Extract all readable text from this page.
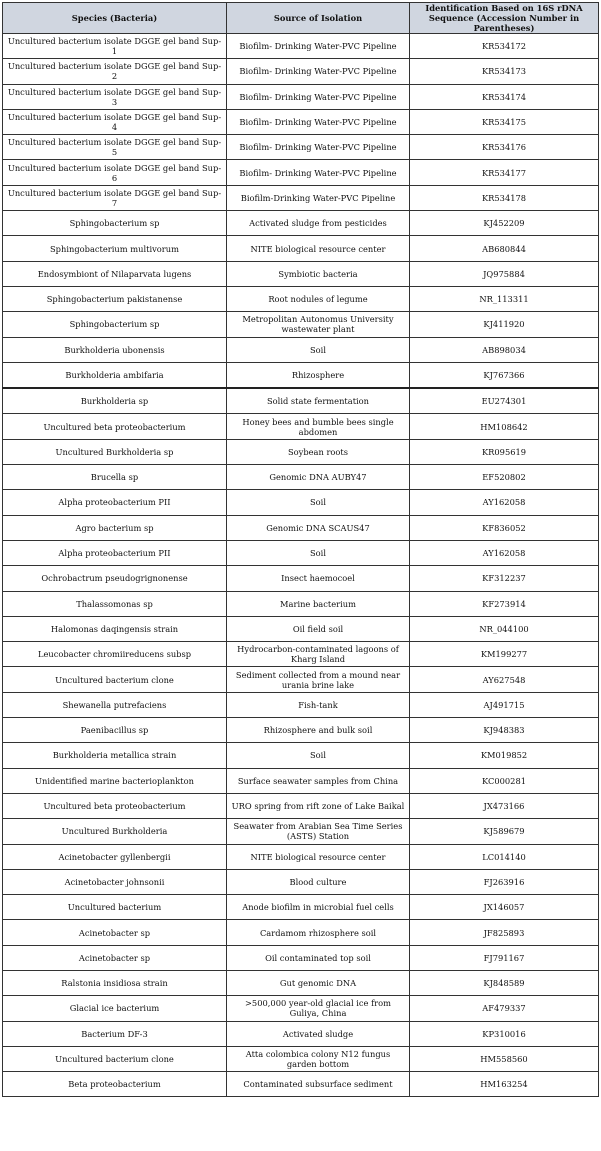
Species (Bacteria)	Source of Isolation	Identification Based on 16S rDNA Sequence (Accession Number in Parentheses)
Uncultured bacterium isolate DGGE gel band Sup-1	Biofilm- Drinking Water-PVC Pipeline	KR534172
Uncultured bacterium isolate DGGE gel band Sup-2	Biofilm- Drinking Water-PVC Pipeline	KR534173
Uncultured bacterium isolate DGGE gel band Sup-3	Biofilm- Drinking Water-PVC Pipeline	KR534174
Uncultured bacterium isolate DGGE gel band Sup-4	Biofilm- Drinking Water-PVC Pipeline	KR534175
Uncultured bacterium isolate DGGE gel band Sup-5	Biofilm- Drinking Water-PVC Pipeline	KR534176
Uncultured bacterium isolate DGGE gel band Sup-6	Biofilm- Drinking Water-PVC Pipeline	KR534177
Uncultured bacterium isolate DGGE gel band Sup-7	Biofilm-Drinking Water-PVC Pipeline	KR534178
Sphingobacterium sp	Activated sludge from pesticides	KJ452209
Sphingobacterium multivorum	NITE biological resource center	AB680844
Endosymbiont of Nilaparvata lugens	Symbiotic bacteria	JQ975884
Sphingobacterium pakistanense	Root nodules of legume	NR_113311
Sphingobacterium sp	Metropolitan Autonomus University wastewater plant	KJ411920
Burkholderia ubonensis	Soil	AB898034
Burkholderia ambifaria	Rhizosphere	KJ767366
Burkholderia sp	Solid state fermentation	EU274301
Uncultured beta proteobacterium	Honey bees and bumble bees single abdomen	HM108642
Uncultured Burkholderia sp	Soybean roots	KR095619
Brucella sp	Genomic DNA AUBY47	EF520802
Alpha proteobacterium PII	Soil	AY162058
Agro bacterium sp	Genomic DNA SCAUS47	KF836052
Alpha proteobacterium PII	Soil	AY162058
Ochrobactrum pseudogrignonense	Insect haemocoel	KF312237
Thalassomonas sp	Marine bacterium	KF273914
Halomonas daqingensis strain	Oil field soil	NR_044100
Leucobacter chromiireducens subsp	Hydrocarbon-contaminated lagoons of Kharg Island	KM199277
Uncultured bacterium clone	Sediment collected from a mound near urania brine lake	AY627548
Shewanella putrefaciens	Fish-tank	AJ491715
Paenibacillus sp	Rhizosphere and bulk soil	KJ948383
Burkholderia metallica strain	Soil	KM019852
Unidentified marine bacterioplankton	Surface seawater samples from China	KC000281
Uncultured beta proteobacterium	URO spring from rift zone of Lake Baikal	JX473166
Uncultured Burkholderia	Seawater from Arabian Sea Time Series (ASTS) Station	KJ589679
Acinetobacter gyllenbergii	NITE biological resource center	LC014140
Acinetobacter johnsonii	Blood culture	FJ263916
Uncultured bacterium	Anode biofilm in microbial fuel cells	JX146057
Acinetobacter sp	Cardamom rhizosphere soil	JF825893
Acinetobacter sp	Oil contaminated top soil	FJ791167
Ralstonia insidiosa strain	Gut genomic DNA	KJ848589
Glacial ice bacterium	>500,000 year-old glacial ice from Guliya, China	AF479337
Bacterium DF-3	Activated sludge	KP310016
Uncultured bacterium clone	Atta colombica colony N12 fungus garden bottom	HM558560
Beta proteobacterium	Contaminated subsurface sediment	HM163254
